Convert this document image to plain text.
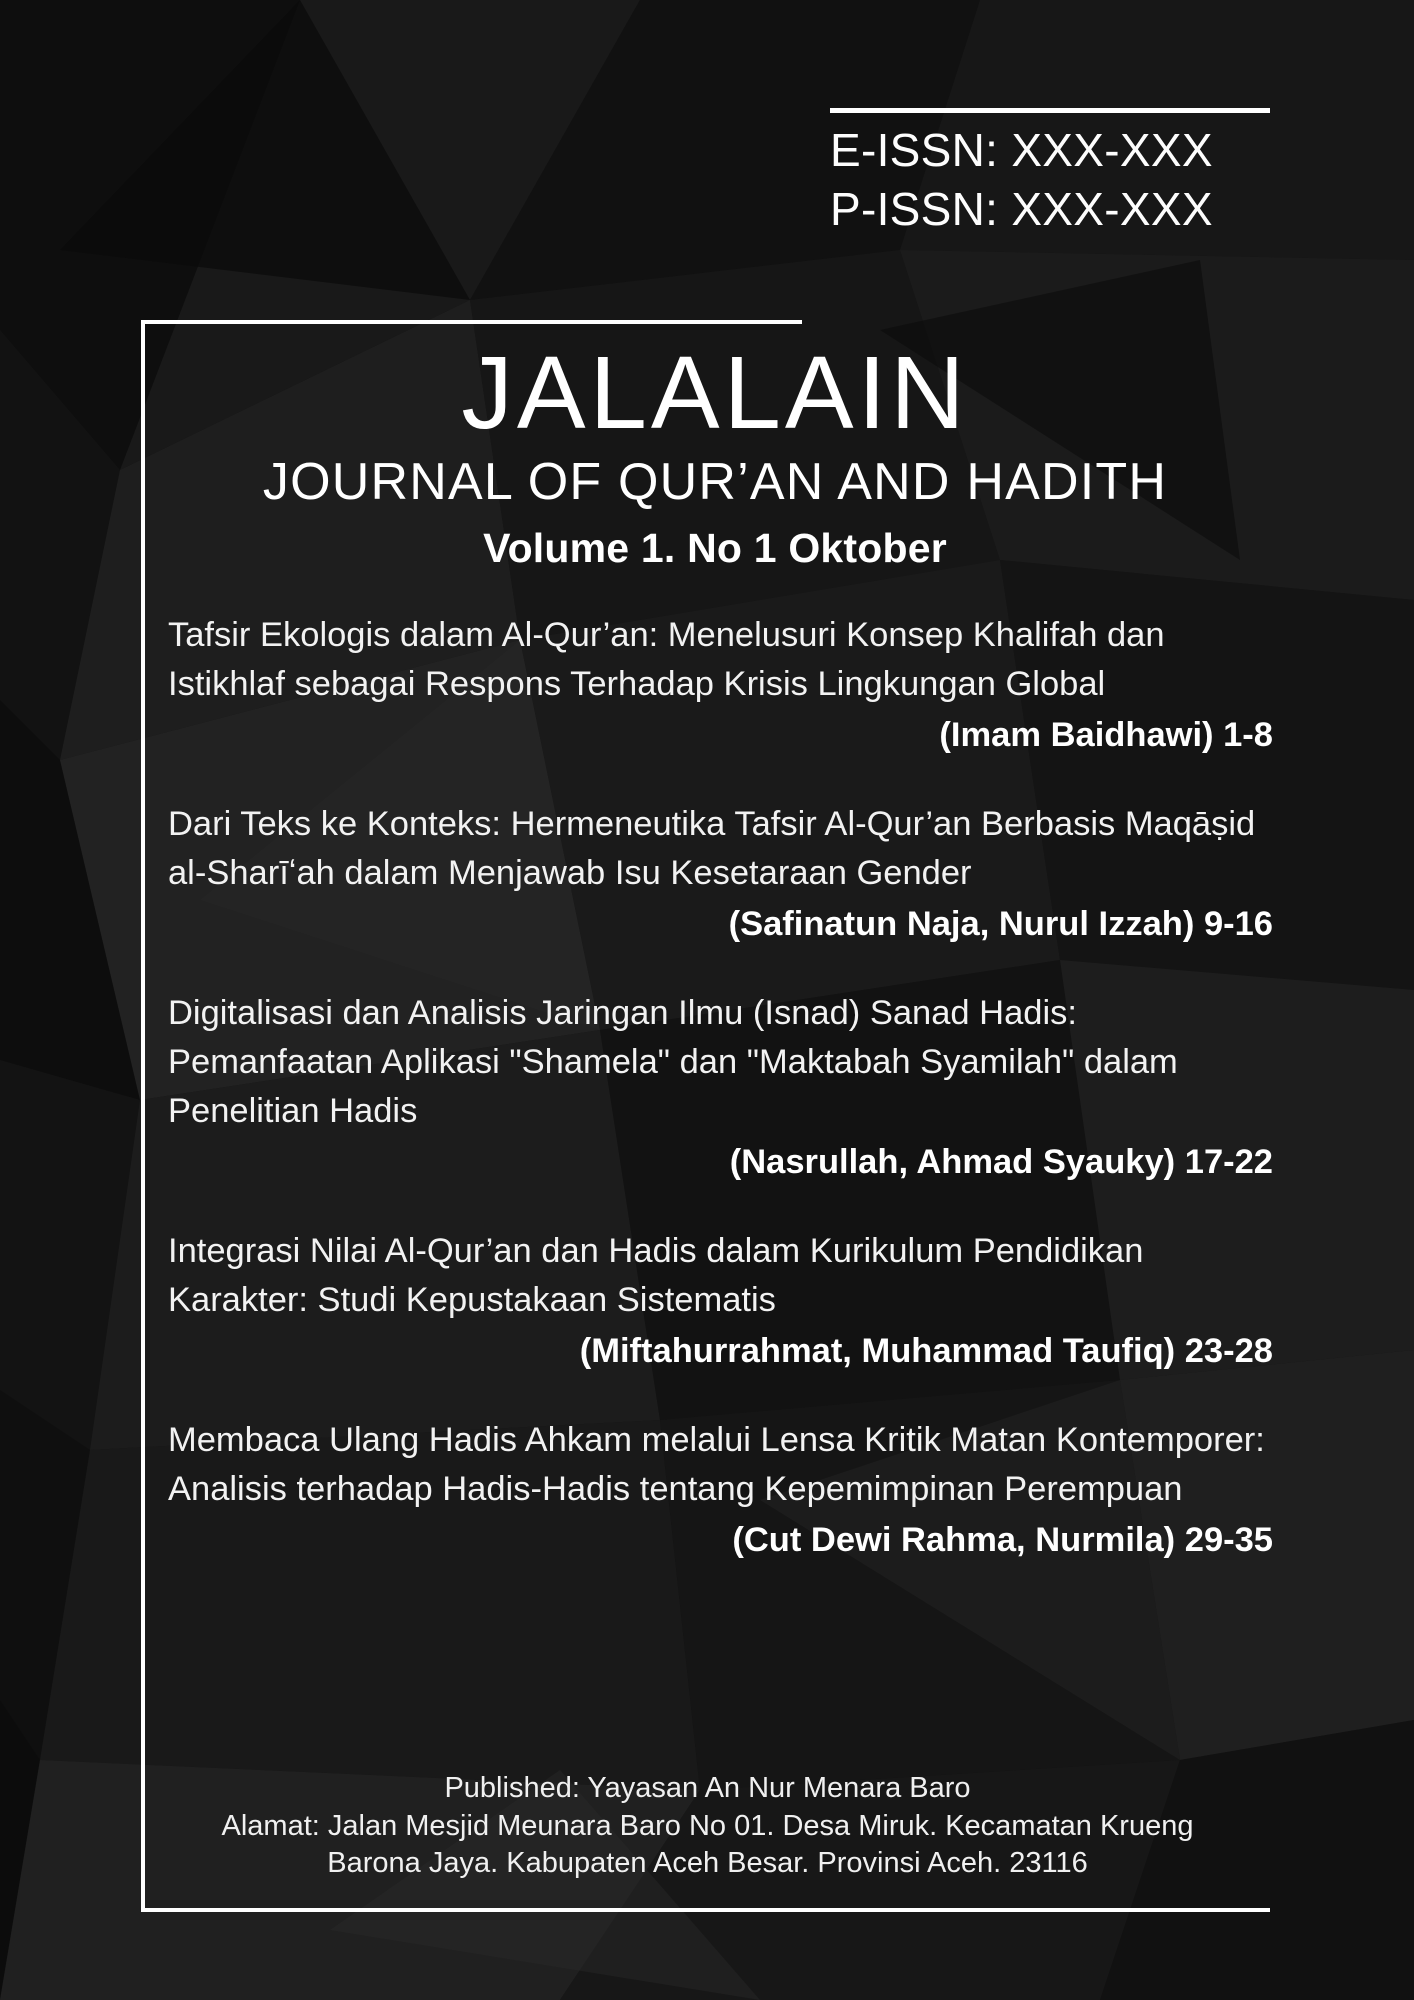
E-ISSN: XXX-XXX
P-ISSN: XXX-XXX
JALALAIN
JOURNAL OF QUR’AN AND HADITH
Volume 1. No 1 Oktober
Tafsir Ekologis dalam Al-Qur’an: Menelusuri Konsep Khalifah dan Istikhlaf sebagai Respons Terhadap Krisis Lingkungan Global
(Imam Baidhawi) 1-8
Dari Teks ke Konteks: Hermeneutika Tafsir Al-Qur’an Berbasis Maqāṣid al-Sharīʻah dalam Menjawab Isu Kesetaraan Gender
(Safinatun Naja, Nurul Izzah) 9-16
Digitalisasi dan Analisis Jaringan Ilmu (Isnad) Sanad Hadis: Pemanfaatan Aplikasi "Shamela" dan "Maktabah Syamilah" dalam Penelitian Hadis
(Nasrullah, Ahmad Syauky) 17-22
Integrasi Nilai Al-Qur’an dan Hadis dalam Kurikulum Pendidikan Karakter: Studi Kepustakaan Sistematis
(Miftahurrahmat, Muhammad Taufiq) 23-28
Membaca Ulang Hadis Ahkam melalui Lensa Kritik Matan Kontemporer: Analisis terhadap Hadis-Hadis tentang Kepemimpinan Perempuan
(Cut Dewi Rahma, Nurmila) 29-35
Published: Yayasan An Nur Menara Baro
Alamat: Jalan Mesjid Meunara Baro No 01. Desa Miruk. Kecamatan Krueng
Barona Jaya. Kabupaten Aceh Besar. Provinsi Aceh. 23116
